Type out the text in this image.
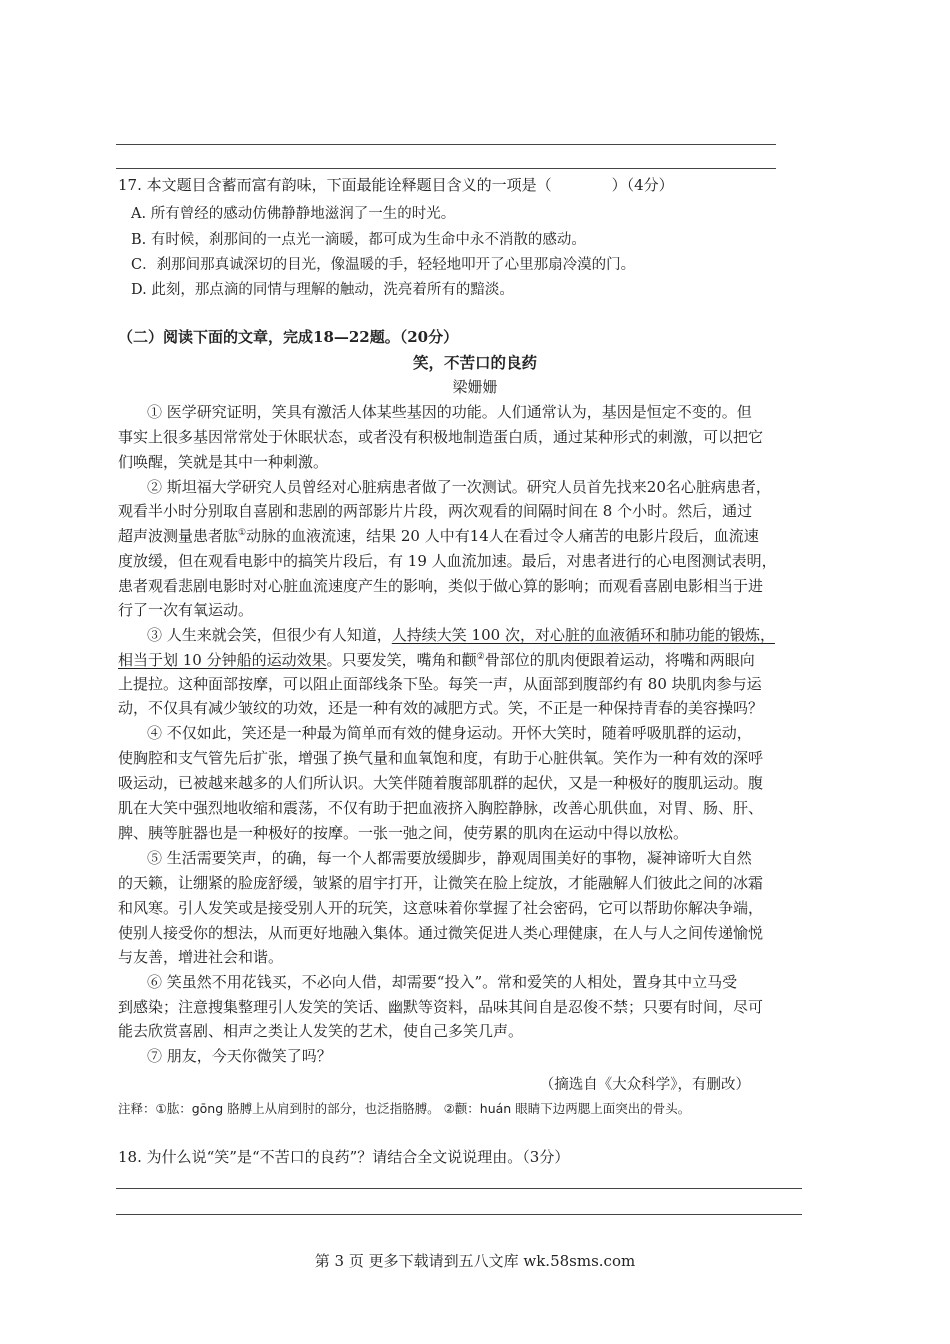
17. 本文题目含蓄而富有韵味，下面最能诠释题目含义的一项是（　　　　）（4分）
A. 所有曾经的感动仿佛静静地滋润了一生的时光。
B. 有时候，刹那间的一点光一滴暖，都可成为生命中永不消散的感动。
C．刹那间那真诚深切的目光，像温暖的手，轻轻地叩开了心里那扇冷漠的门。
D. 此刻，那点滴的同情与理解的触动，洗亮着所有的黯淡。
（二）阅读下面的文章，完成18—22题。（20分）
笑，不苦口的良药
梁姗姗
① 医学研究证明，笑具有激活人体某些基因的功能。人们通常认为，基因是恒定不变的。但
事实上很多基因常常处于休眠状态，或者没有积极地制造蛋白质，通过某种形式的刺激，可以把它
们唤醒，笑就是其中一种刺激。
② 斯坦福大学研究人员曾经对心脏病患者做了一次测试。研究人员首先找来20名心脏病患者，
观看半小时分别取自喜剧和悲剧的两部影片片段，两次观看的间隔时间在 8 个小时。然后，通过
超声波测量患者肱①动脉的血液流速，结果 20 人中有14人在看过令人痛苦的电影片段后，血流速
度放缓，但在观看电影中的搞笑片段后，有 19 人血流加速。最后，对患者进行的心电图测试表明，
患者观看悲剧电影时对心脏血流速度产生的影响，类似于做心算的影响；而观看喜剧电影相当于进
行了一次有氧运动。
③ 人生来就会笑，但很少有人知道，人持续大笑 100 次，对心脏的血液循环和肺功能的锻炼，
相当于划 10 分钟船的运动效果。只要发笑，嘴角和颧②骨部位的肌肉便跟着运动，将嘴和两眼向
上提拉。这种面部按摩，可以阻止面部线条下坠。每笑一声，从面部到腹部约有 80 块肌肉参与运
动，不仅具有减少皱纹的功效，还是一种有效的减肥方式。笑，不正是一种保持青春的美容操吗？
④ 不仅如此，笑还是一种最为简单而有效的健身运动。开怀大笑时，随着呼吸肌群的运动，
使胸腔和支气管先后扩张，增强了换气量和血氧饱和度，有助于心脏供氧。笑作为一种有效的深呼
吸运动，已被越来越多的人们所认识。大笑伴随着腹部肌群的起伏，又是一种极好的腹肌运动。腹
肌在大笑中强烈地收缩和震荡，不仅有助于把血液挤入胸腔静脉，改善心肌供血，对胃、肠、肝、
脾、胰等脏器也是一种极好的按摩。一张一弛之间，使劳累的肌肉在运动中得以放松。
⑤ 生活需要笑声，的确，每一个人都需要放缓脚步，静观周围美好的事物，凝神谛听大自然
的天籁，让绷紧的脸庞舒缓，皱紧的眉宇打开，让微笑在脸上绽放，才能融解人们彼此之间的冰霜
和风寒。引人发笑或是接受别人开的玩笑，这意味着你掌握了社会密码，它可以帮助你解决争端，
使别人接受你的想法，从而更好地融入集体。通过微笑促进人类心理健康，在人与人之间传递愉悦
与友善，增进社会和谐。
⑥ 笑虽然不用花钱买，不必向人借，却需要“投入”。常和爱笑的人相处，置身其中立马受
到感染；注意搜集整理引人发笑的笑话、幽默等资料，品味其间自是忍俊不禁；只要有时间，尽可
能去欣赏喜剧、相声之类让人发笑的艺术，使自己多笑几声。
⑦ 朋友，今天你微笑了吗？
（摘选自《大众科学》，有删改）
注释：①肱：gōng 胳膊上从肩到肘的部分，也泛指胳膊。 ②颧：huán 眼睛下边两腮上面突出的骨头。
18. 为什么说“笑”是“不苦口的良药”？请结合全文说说理由。（3分）
第 3 页 更多下载请到五八文库 wk.58sms.com
